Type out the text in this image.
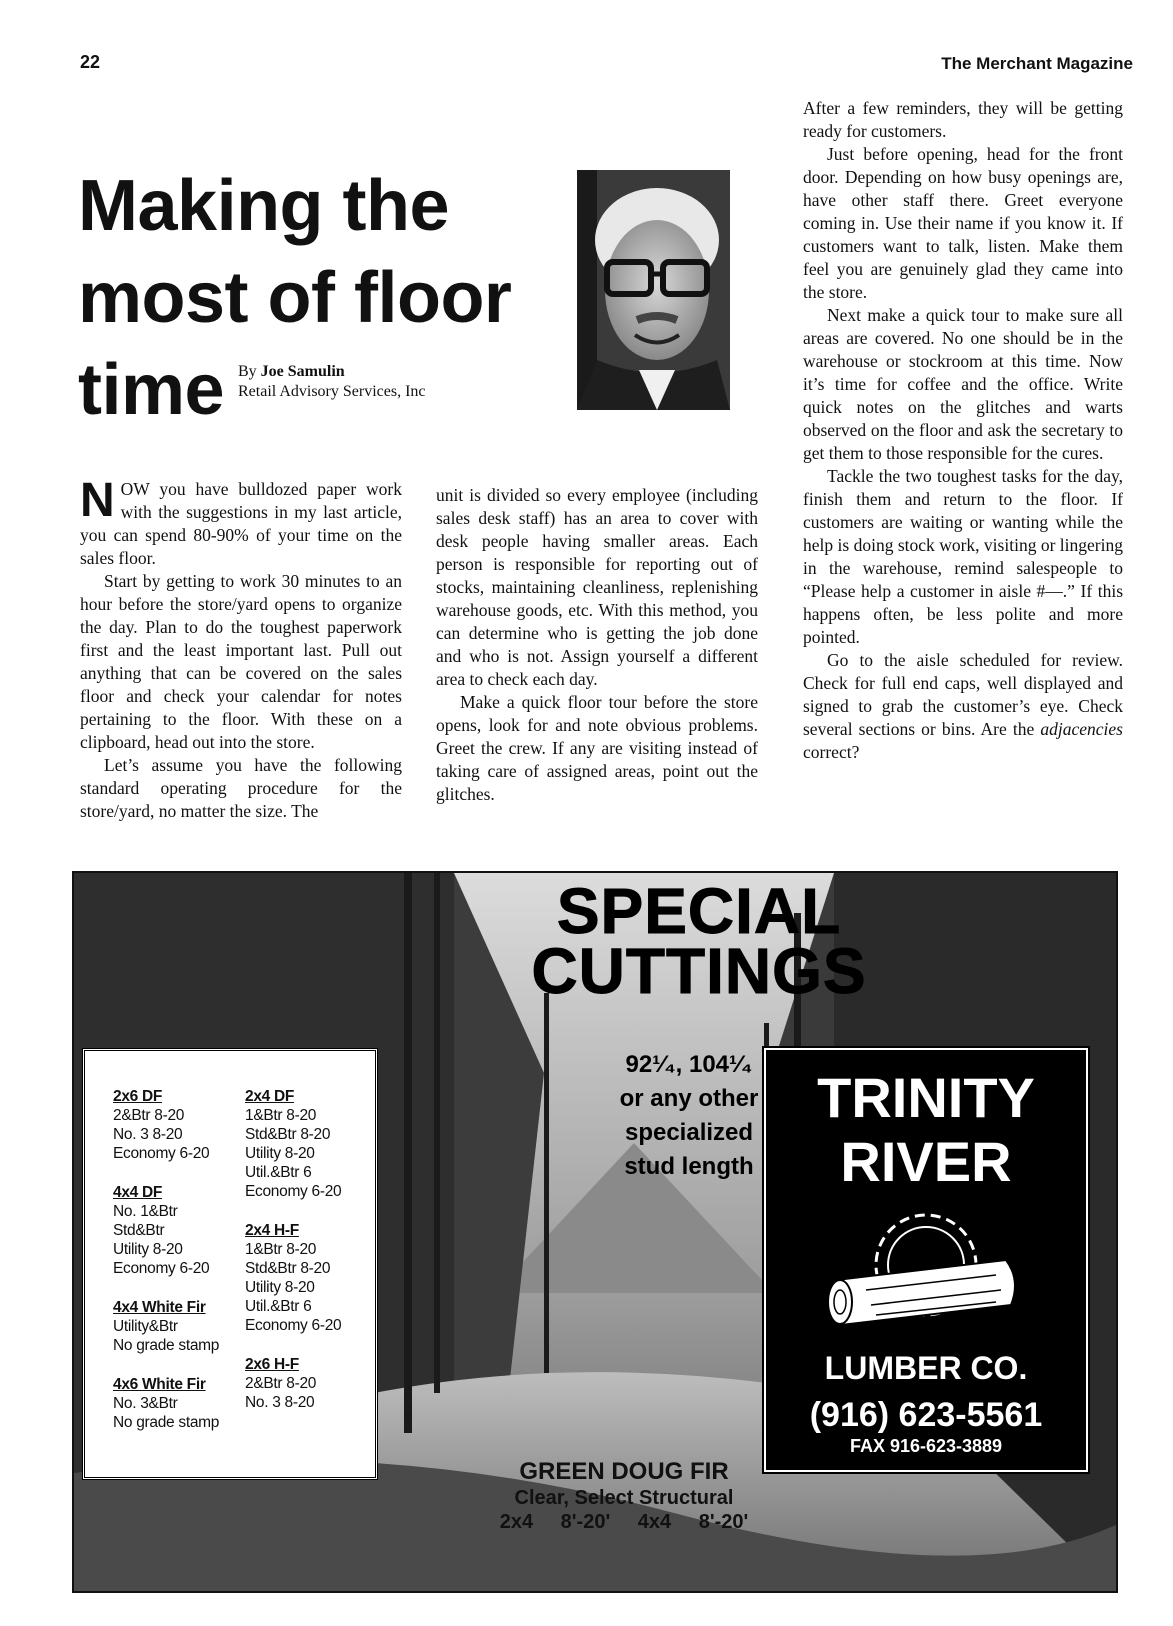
22	The Merchant Magazine
Making the
most of floor
time By Joe Samulin
Retail Advisory Services, Inc

NOW you have bulldozed paper work with the suggestions in my last article, you can spend 80-90% of your time on the sales floor.

Start by getting to work 30 minutes to an hour before the store/yard opens to organize the day. Plan to do the toughest paperwork first and the least important last. Pull out anything that can be covered on the sales floor and check your calendar for notes pertaining to the floor. With these on a clipboard, head out into the store.

Let’s assume you have the following standard operating procedure for the store/yard, no matter the size. The

unit is divided so every employee (including sales desk staff) has an area to cover with desk people having smaller areas. Each person is responsible for reporting out of stocks, maintaining cleanliness, replenishing warehouse goods, etc. With this method, you can determine who is getting the job done and who is not. Assign yourself a different area to check each day.

Make a quick floor tour before the store opens, look for and note obvious problems. Greet the crew. If any are visiting instead of taking care of assigned areas, point out the glitches.

After a few reminders, they will be getting ready for customers.

Just before opening, head for the front door. Depending on how busy openings are, have other staff there. Greet everyone coming in. Use their name if you know it. If customers want to talk, listen. Make them feel you are genuinely glad they came into the store.

Next make a quick tour to make sure all areas are covered. No one should be in the warehouse or stockroom at this time. Now it’s time for coffee and the office. Write quick notes on the glitches and warts observed on the floor and ask the secretary to get them to those responsible for the cures.

Tackle the two toughest tasks for the day, finish them and return to the floor. If customers are waiting or wanting while the help is doing stock work, visiting or lingering in the warehouse, remind salespeople to “Please help a customer in aisle #—.” If this happens often, be less polite and more pointed.

Go to the aisle scheduled for review. Check for full end caps, well displayed and signed to grab the customer’s eye. Check several sections or bins. Are the adjacencies correct?

SPECIAL
CUTTINGS
92¹⁄₄, 104¹⁄₄
or any other
specialized
stud length
2x6 DF
2&Btr 8-20
No. 3 8-20
Economy 6-20
4x4 DF
No. 1&Btr
Std&Btr
Utility 8-20
Economy 6-20
4x4 White Fir
Utility&Btr
No grade stamp
4x6 White Fir
No. 3&Btr
No grade stamp
2x4 DF
1&Btr 8-20
Std&Btr 8-20
Utility 8-20
Util.&Btr 6
Economy 6-20
2x4 H-F
1&Btr 8-20
Std&Btr 8-20
Utility 8-20
Util.&Btr 6
Economy 6-20
2x6 H-F
2&Btr 8-20
No. 3 8-20
TRINITY
RIVER
LUMBER CO.
(916) 623-5561
FAX 916-623-3889
GREEN DOUG FIR
Clear, Select Structural
2x4 8'-20' 4x4 8'-20'
